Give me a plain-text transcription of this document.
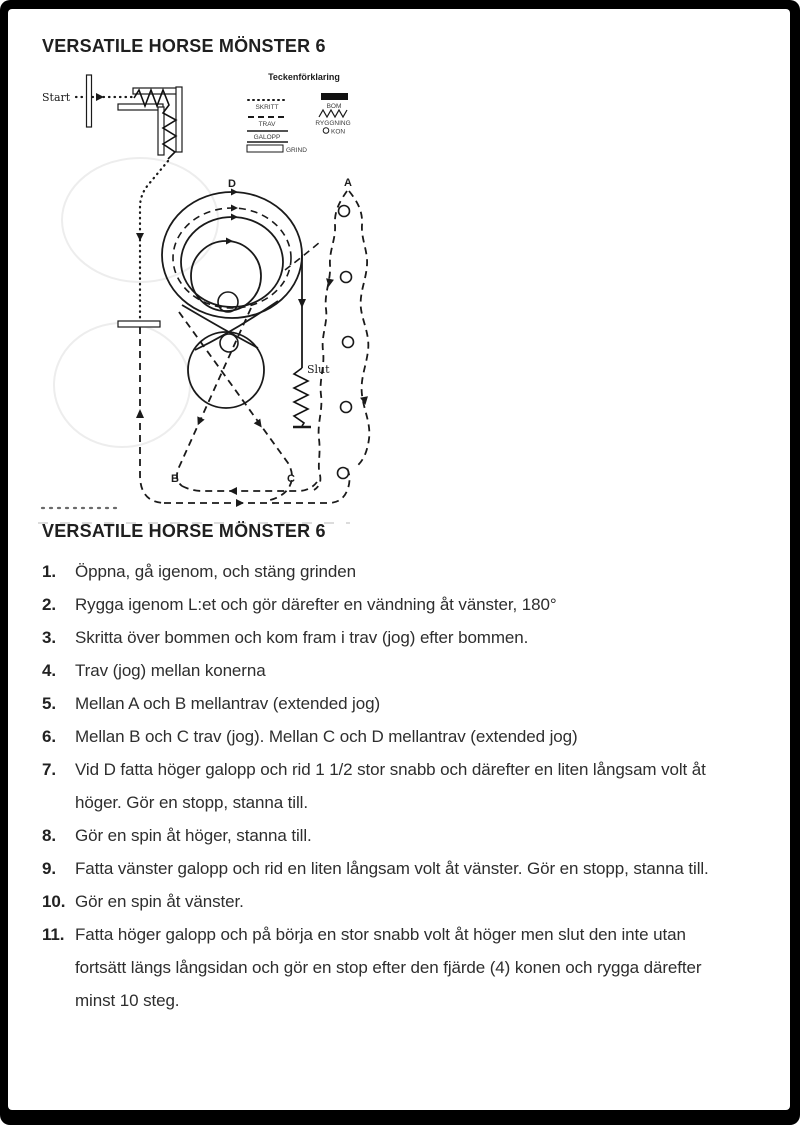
VERSATILE HORSE MÖNSTER 6
Teckenförklaring
SKRITT
TRAV
GALOPP
GRIND
BOM
RYGGNING
KON
Start
D
B	C
Slut
A
VERSATILE HORSE MÖNSTER 6
1.	Öppna, gå igenom, och stäng grinden
2.	Rygga igenom L:et och gör därefter en vändning åt vänster, 180°
3.	Skritta över bommen och kom fram i trav (jog) efter bommen.
4.	Trav (jog) mellan konerna
5.	Mellan A och B mellantrav (extended jog)
6.	Mellan B och C trav (jog). Mellan C och D mellantrav (extended jog)
7.	Vid D fatta höger galopp och rid 1 1/2 stor snabb och därefter en liten långsam volt åt höger. Gör en stopp, stanna till.
8.	Gör en spin åt höger, stanna till.
9.	Fatta vänster galopp och rid en liten långsam volt åt vänster. Gör en stopp, stanna till.
10. Gör en spin åt vänster.
11. Fatta höger galopp och på börja en stor snabb volt åt höger men slut den inte utan fortsätt längs långsidan och gör en stop efter den fjärde (4) konen och rygga därefter minst 10 steg.
